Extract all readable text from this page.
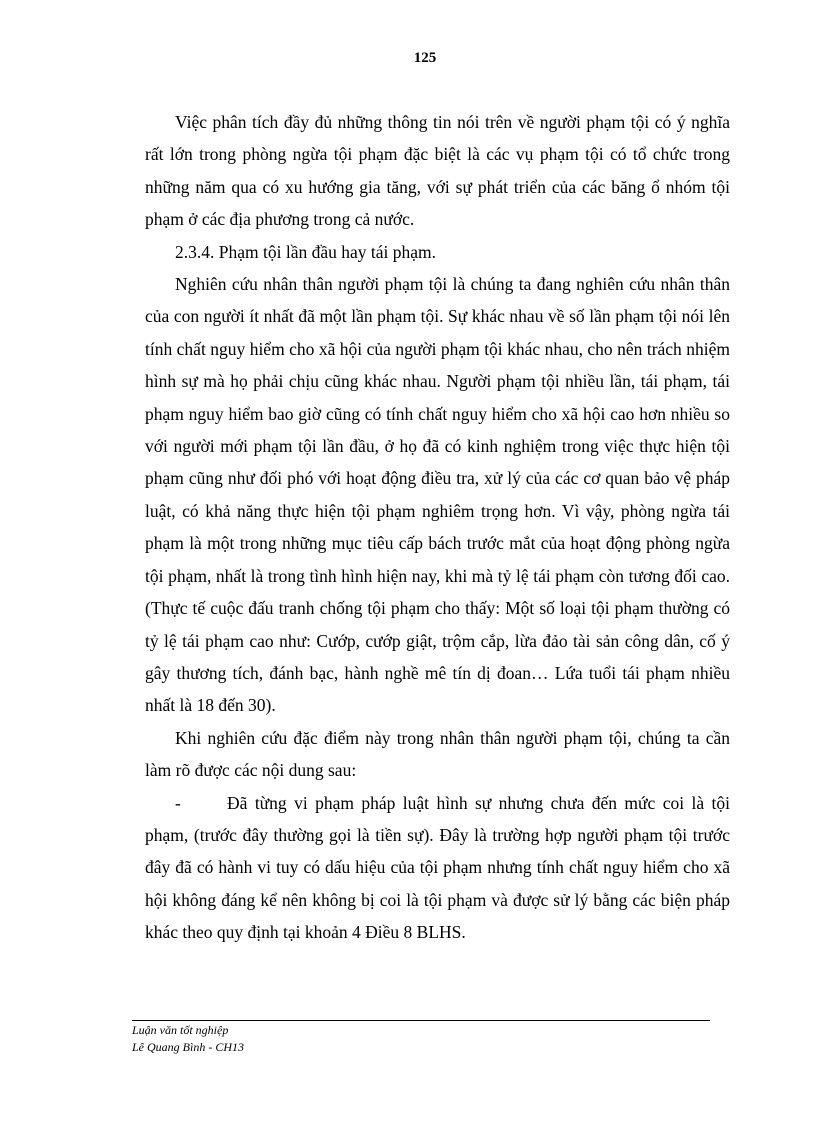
125

Việc phân tích đầy đủ những thông tin nói trên về người phạm tội có ý nghĩa rất lớn trong phòng ngừa tội phạm đặc biệt là các vụ phạm tội có tổ chức trong những năm qua có xu hướng gia tăng, với sự phát triển của các băng ổ nhóm tội phạm ở các địa phương trong cả nước.

2.3.4. Phạm tội lần đầu hay tái phạm.

Nghiên cứu nhân thân người phạm tội là chúng ta đang nghiên cứu nhân thân của con người ít nhất đã một lần phạm tội. Sự khác nhau về số lần phạm tội nói lên tính chất nguy hiểm cho xã hội của người phạm tội khác nhau, cho nên trách nhiệm hình sự mà họ phải chịu cũng khác nhau. Người phạm tội nhiều lần, tái phạm, tái phạm nguy hiểm bao giờ cũng có tính chất nguy hiểm cho xã hội cao hơn nhiều so với người mới phạm tội lần đầu, ở họ đã có kinh nghiệm trong việc thực hiện tội phạm cũng như đối phó với hoạt động điều tra, xử lý của các cơ quan bảo vệ pháp luật, có khả năng thực hiện tội phạm nghiêm trọng hơn. Vì vậy, phòng ngừa tái phạm là một trong những mục tiêu cấp bách trước mắt của hoạt động phòng ngừa tội phạm, nhất là trong tình hình hiện nay, khi mà tỷ lệ tái phạm còn tương đối cao. (Thực tế cuộc đấu tranh chống tội phạm cho thấy: Một số loại tội phạm thường có tỷ lệ tái phạm cao như: Cướp, cướp giật, trộm cắp, lừa đảo tài sản công dân, cố ý gây thương tích, đánh bạc, hành nghề mê tín dị đoan… Lứa tuổi tái phạm nhiều nhất là 18 đến 30).

Khi nghiên cứu đặc điểm này trong nhân thân người phạm tội, chúng ta cần làm rõ được các nội dung sau:

-	Đã từng vi phạm pháp luật hình sự nhưng chưa đến mức coi là tội phạm, (trước đây thường gọi là tiền sự). Đây là trường hợp người phạm tội trước đây đã có hành vi tuy có dấu hiệu của tội phạm nhưng tính chất nguy hiểm cho xã hội không đáng kể nên không bị coi là tội phạm và được sử lý bằng các biện pháp khác theo quy định tại khoản 4 Điều 8 BLHS.

Luận văn tốt nghiệp
Lê Quang Bình - CH13
